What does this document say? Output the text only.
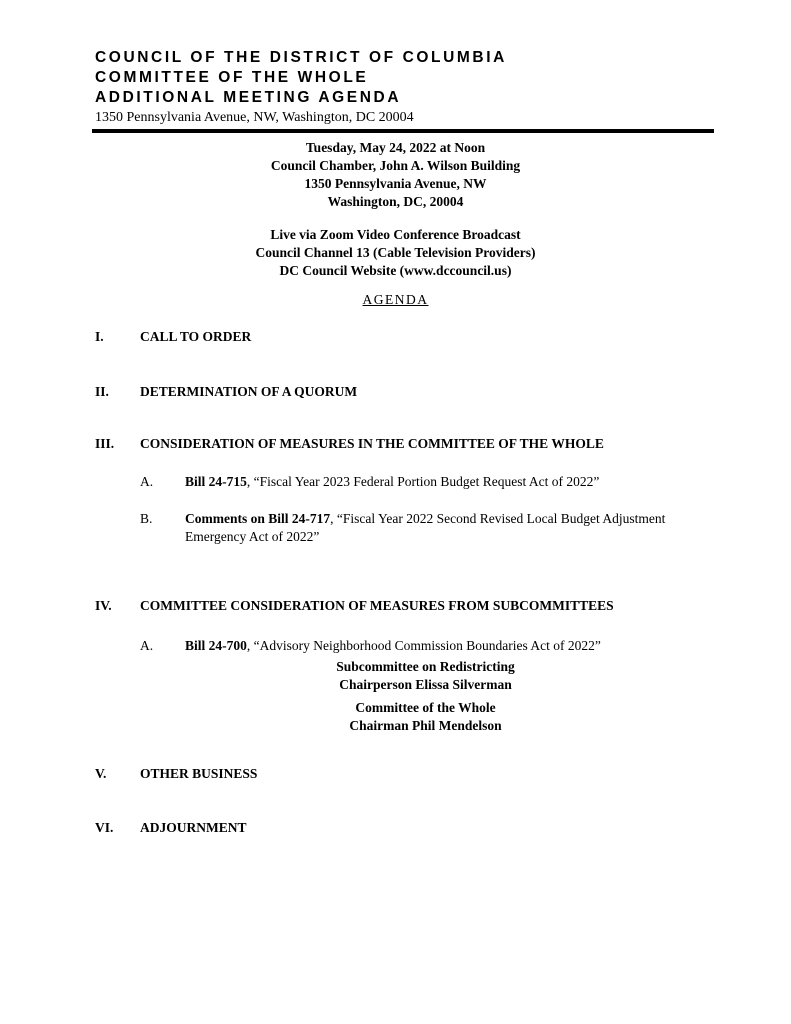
COUNCIL OF THE DISTRICT OF COLUMBIA
COMMITTEE OF THE WHOLE
ADDITIONAL MEETING AGENDA
1350 Pennsylvania Avenue, NW, Washington, DC 20004
Tuesday, May 24, 2022 at Noon
Council Chamber, John A. Wilson Building
1350 Pennsylvania Avenue, NW
Washington, DC, 20004
Live via Zoom Video Conference Broadcast
Council Channel 13 (Cable Television Providers)
DC Council Website (www.dccouncil.us)
AGENDA
I.	CALL TO ORDER
II. DETERMINATION OF A QUORUM
III. CONSIDERATION OF MEASURES IN THE COMMITTEE OF THE WHOLE
A. Bill 24-715, “Fiscal Year 2023 Federal Portion Budget Request Act of 2022”
B. Comments on Bill 24-717, “Fiscal Year 2022 Second Revised Local Budget Adjustment Emergency Act of 2022”
IV. COMMITTEE CONSIDERATION OF MEASURES FROM SUBCOMMITTEES
A. Bill 24-700, “Advisory Neighborhood Commission Boundaries Act of 2022”
Subcommittee on Redistricting
Chairperson Elissa Silverman
Committee of the Whole
Chairman Phil Mendelson
V. OTHER BUSINESS
VI. ADJOURNMENT
